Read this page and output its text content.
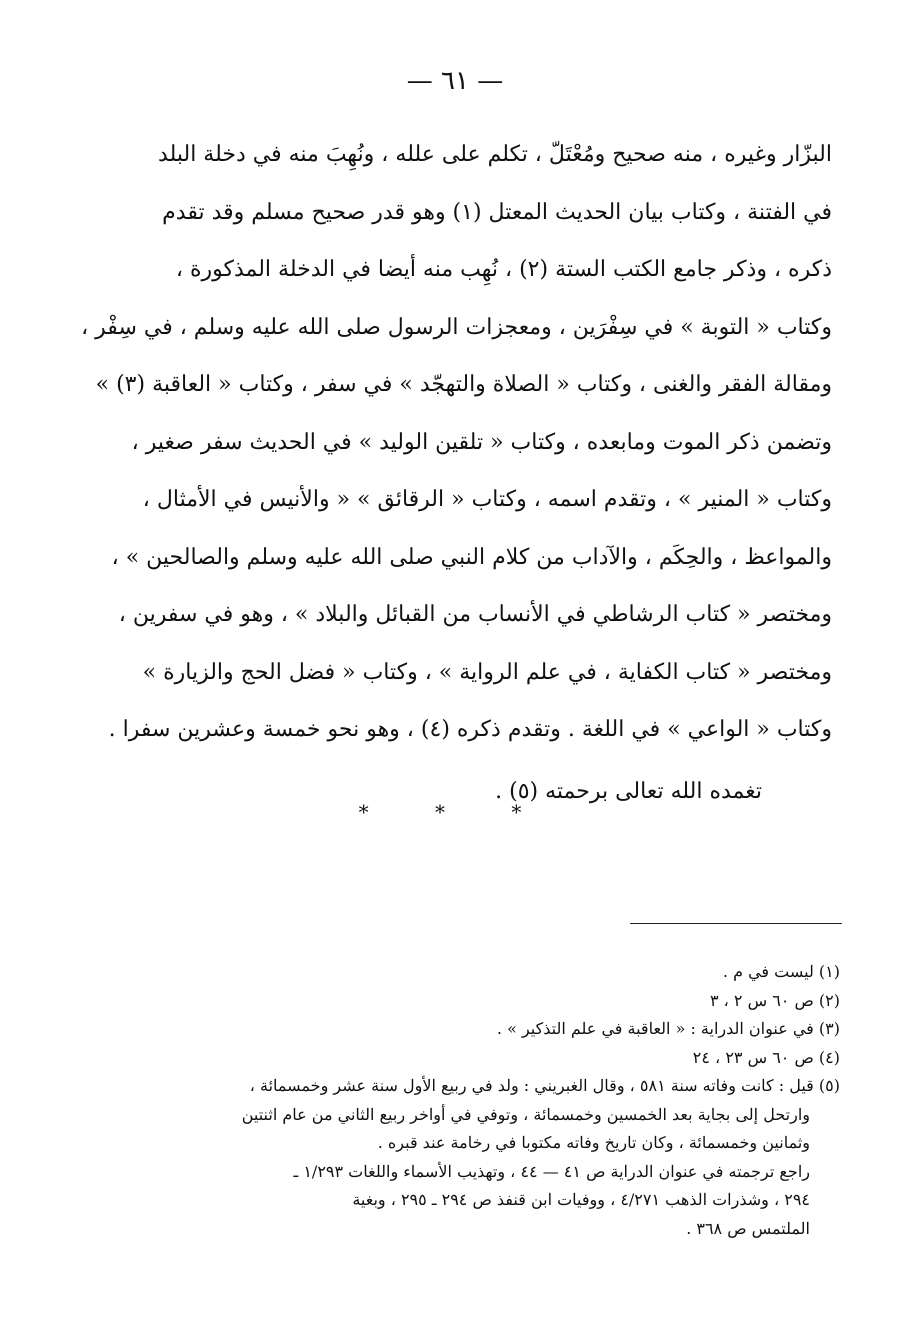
— ٦١ —
البزّار وغيره ، منه صحيح ومُعْتَلّ ، تكلم على علله ، ونُهِبَ منه في دخلة البلد
في الفتنة ، وكتاب بيان الحديث المعتل (١) وهو قدر صحيح مسلم وقد تقدم
ذكره ، وذكر جامع الكتب الستة (٢) ، نُهِب منه أيضا في الدخلة المذكورة ،
وكتاب « التوبة » في سِفْرَين ، ومعجزات الرسول صلى الله عليه وسلم ، في سِفْر ،
ومقالة الفقر والغنى ، وكتاب « الصلاة والتهجّد » في سفر ، وكتاب « العاقبة (٣) »
وتضمن ذكر الموت ومابعده ، وكتاب « تلقين الوليد » في الحديث سفر صغير ،
وكتاب « المنير » ، وتقدم اسمه ، وكتاب « الرقائق » « والأنيس في الأمثال ،
والمواعظ ، والحِكَم ، والآداب من كلام النبي صلى الله عليه وسلم والصالحين » ،
ومختصر « كتاب الرشاطي في الأنساب من القبائل والبلاد » ، وهو في سفرين ،
ومختصر « كتاب الكفاية ، في علم الرواية » ، وكتاب « فضل الحج والزيارة »
وكتاب « الواعي » في اللغة . وتقدم ذكره (٤) ، وهو نحو خمسة وعشرين سفرا .
تغمده الله تعالى برحمته (٥) .
* * *
(١) ليست في م .
(٢) ص ٦٠ س ٢ ، ٣
(٣) في عنوان الدراية : « العاقبة في علم التذكير » .
(٤) ص ٦٠ س ٢٣ ، ٢٤
(٥) قيل : كانت وفاته سنة ٥٨١ ، وقال الغبريني : ولد في ربيع الأول سنة عشر وخمسمائة ،
وارتحل إلى بجاية بعد الخمسين وخمسمائة ، وتوفي في أواخر ربيع الثاني من عام اثنتين
وثمانين وخمسمائة ، وكان تاريخ وفاته مكتوبا في رخامة عند قبره .
راجع ترجمته في عنوان الدراية ص ٤١ — ٤٤ ، وتهذيب الأسماء واللغات ١/٢٩٣ ـ
٢٩٤ ، وشذرات الذهب ٤/٢٧١ ، ووفيات ابن قنفذ ص ٢٩٤ ـ ٢٩٥ ، وبغية
الملتمس ص ٣٦٨ .
